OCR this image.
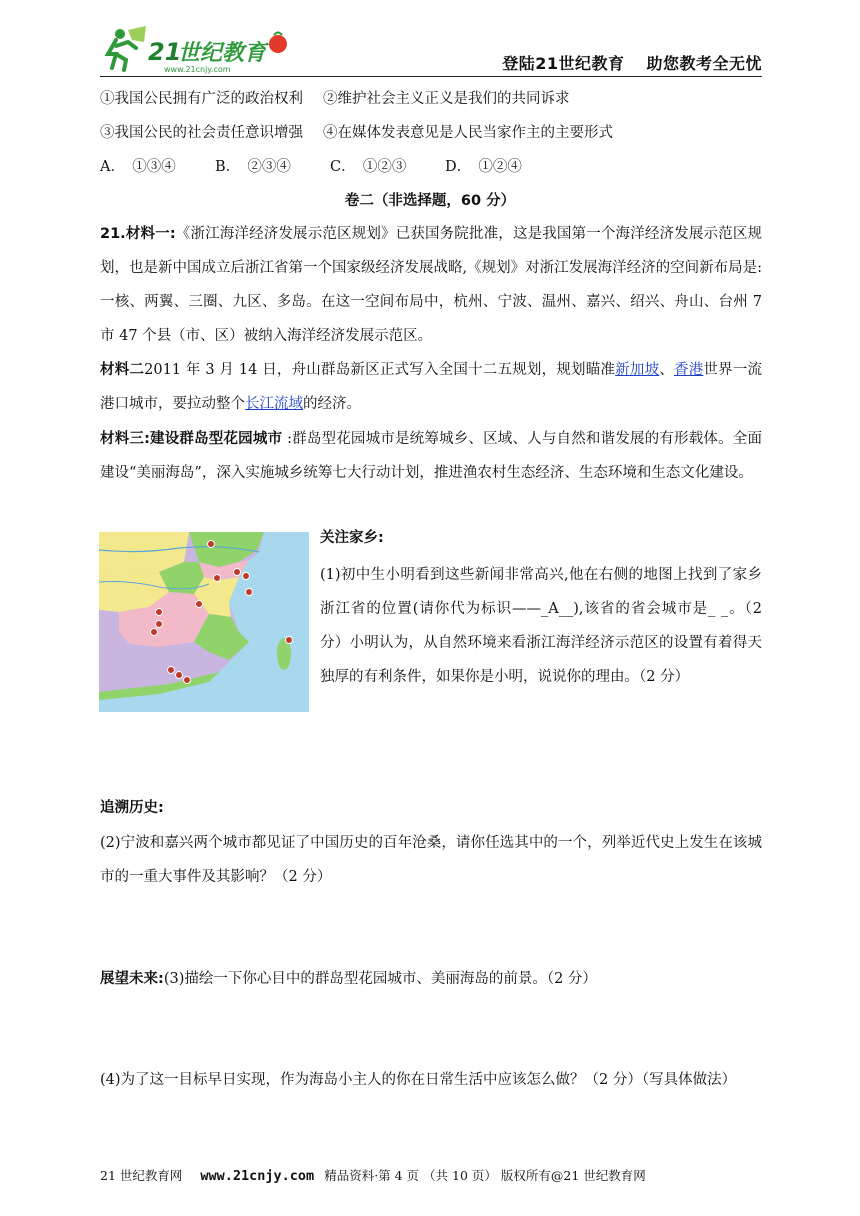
21
世纪教育
www.21cnjy.com	登陆21世纪教育 助您教考全无忧
①我国公民拥有广泛的政治权利 ②维护社会主义正义是我们的共同诉求
③我国公民的社会责任意识增强 ④在媒体发表意见是人民当家作主的主要形式
A．　①③④	B．　②③④	C．　①②③	D．　①②④
卷二（非选择题，60 分）
21.材料一:《浙江海洋经济发展示范区规划》已获国务院批准，这是我国第一个海洋经济发展示范区规划，也是新中国成立后浙江省第一个国家级经济发展战略,《规划》对浙江发展海洋经济的空间新布局是:一核、两翼、三圈、九区、多岛。在这一空间布局中，杭州、宁波、温州、嘉兴、绍兴、舟山、台州 7 市 47 个县（市、区）被纳入海洋经济发展示范区。
材料二2011 年 3 月 14 日，舟山群岛新区正式写入全国十二五规划，规划瞄准新加坡、香港世界一流港口城市，要拉动整个长江流域的经济。
材料三:建设群岛型花园城市 :群岛型花园城市是统筹城乡、区域、人与自然和谐发展的有形载体。全面建设“美丽海岛”，深入实施城乡统筹七大行动计划，推进渔农村生态经济、生态环境和生态文化建设。
关注家乡:
(1)初中生小明看到这些新闻非常高兴,他在右侧的地图上找到了家乡浙江省的位置(请你代为标识——_A__),该省的省会城市是_ _。（2 分）小明认为，从自然环境来看浙江海洋经济示范区的设置有着得天独厚的有利条件，如果你是小明，说说你的理由。（2 分）
追溯历史:
(2)宁波和嘉兴两个城市都见证了中国历史的百年沧桑，请你任选其中的一个，列举近代史上发生在该城市的一重大事件及其影响？（2 分）
展望未来:(3)描绘一下你心目中的群岛型花园城市、美丽海岛的前景。（2 分）
(4)为了这一目标早日实现，作为海岛小主人的你在日常生活中应该怎么做？（2 分）（写具体做法）
21 世纪教育网 www.21cnjy.com 精品资料·第 4 页 （共 10 页） 版权所有@21 世纪教育网
